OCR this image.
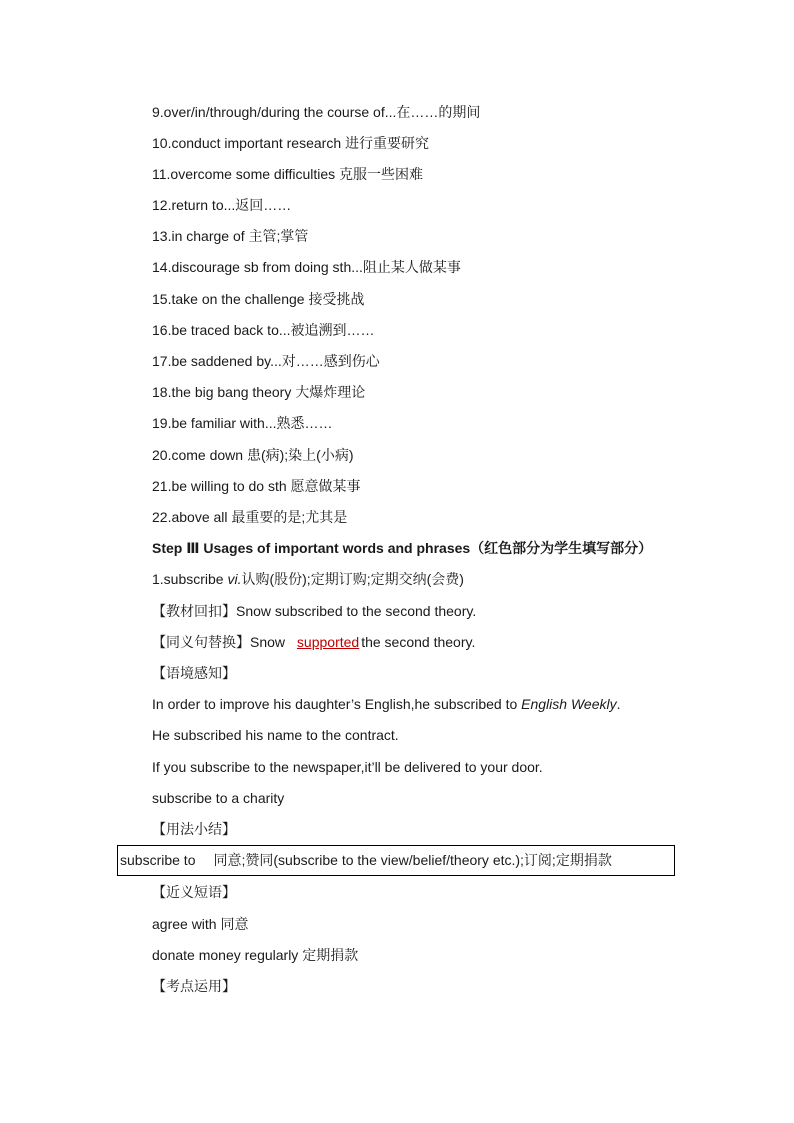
9.over/in/through/during the course of...在……的期间
10.conduct important research 进行重要研究
11.overcome some difficulties 克服一些困难
12.return to...返回……
13.in charge of 主管;掌管
14.discourage sb from doing sth...阻止某人做某事
15.take on the challenge 接受挑战
16.be traced back to...被追溯到……
17.be saddened by...对……感到伤心
18.the big bang theory 大爆炸理论
19.be familiar with...熟悉……
20.come down 患(病);染上(小病)
21.be willing to do sth 愿意做某事
22.above all 最重要的是;尤其是
Step Ⅲ Usages of important words and phrases（红色部分为学生填写部分）
1.subscribe vi.认购(股份);定期订购;定期交纳(会费)
【教材回扣】Snow subscribed to the second theory.
【同义句替换】Snow supported the second theory.
【语境感知】
In order to improve his daughter’s English,he subscribed to English Weekly.
He subscribed his name to the contract.
If you subscribe to the newspaper,it’ll be delivered to your door.
subscribe to a charity
【用法小结】
subscribe to 同意;赞同(subscribe to the view/belief/theory etc.);订阅;定期捐款
【近义短语】
agree with 同意
donate money regularly 定期捐款
【考点运用】
